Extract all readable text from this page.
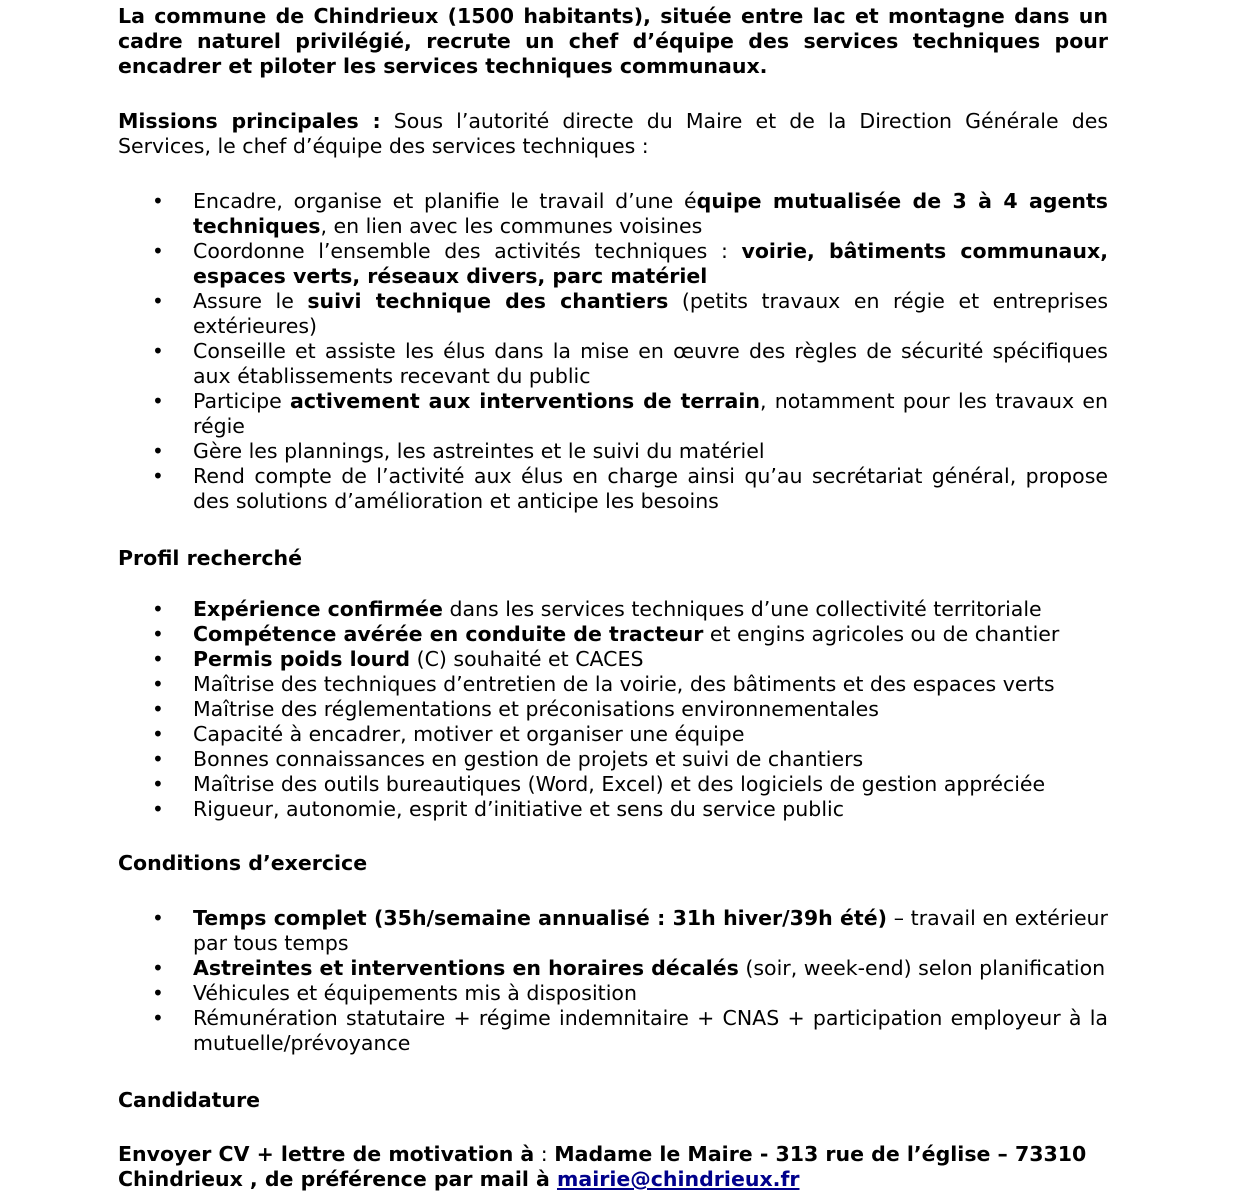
La commune de Chindrieux (1500 habitants), située entre lac et montagne dans un
cadre naturel privilégié, recrute un chef d’équipe des services techniques pour
encadrer et piloter les services techniques communaux.
Missions principales : Sous l’autorité directe du Maire et de la Direction Générale des
Services, le chef d’équipe des services techniques :
• Encadre, organise et planifie le travail d’une équipe mutualisée de 3 à 4 agents techniques, en lien avec les communes voisines
• Coordonne l’ensemble des activités techniques : voirie, bâtiments communaux, espaces verts, réseaux divers, parc matériel
• Assure le suivi technique des chantiers (petits travaux en régie et entreprises extérieures)
• Conseille et assiste les élus dans la mise en œuvre des règles de sécurité spécifiques aux établissements recevant du public
• Participe activement aux interventions de terrain, notamment pour les travaux en régie
• Gère les plannings, les astreintes et le suivi du matériel
• Rend compte de l’activité aux élus en charge ainsi qu’au secrétariat général, propose des solutions d’amélioration et anticipe les besoins
Profil recherché
• Expérience confirmée dans les services techniques d’une collectivité territoriale
• Compétence avérée en conduite de tracteur et engins agricoles ou de chantier
• Permis poids lourd (C) souhaité et CACES
• Maîtrise des techniques d’entretien de la voirie, des bâtiments et des espaces verts
• Maîtrise des réglementations et préconisations environnementales
• Capacité à encadrer, motiver et organiser une équipe
• Bonnes connaissances en gestion de projets et suivi de chantiers
• Maîtrise des outils bureautiques (Word, Excel) et des logiciels de gestion appréciée
• Rigueur, autonomie, esprit d’initiative et sens du service public
Conditions d’exercice
• Temps complet (35h/semaine annualisé : 31h hiver/39h été) – travail en extérieur par tous temps
• Astreintes et interventions en horaires décalés (soir, week-end) selon planification
• Véhicules et équipements mis à disposition
• Rémunération statutaire + régime indemnitaire + CNAS + participation employeur à la mutuelle/prévoyance
Candidature
Envoyer CV + lettre de motivation à : Madame le Maire - 313 rue de l’église – 73310
Chindrieux , de préférence par mail à mairie@chindrieux.fr
